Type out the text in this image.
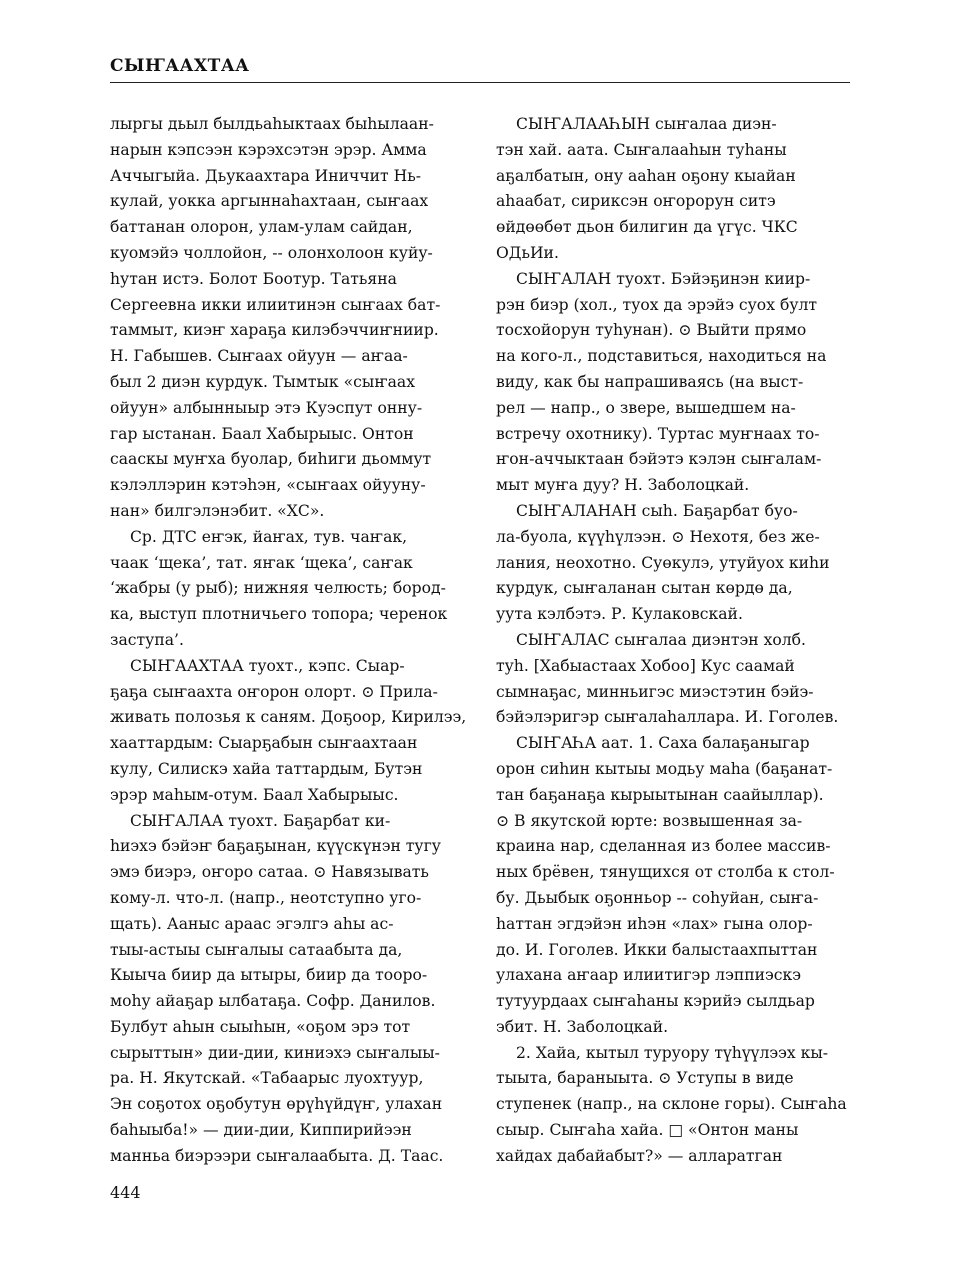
СЫҤААХТАА
лыргы дьыл былдьаһыктаах быһылаан-
нарын кэпсээн кэрэхсэтэн эрэр. Амма
Аччыгыйа. Дьукаахтара Иниччит Нь-
кулай, уокка аргыннаһахтаан, сыҥаах
баттанан олорон, улам-улам сайдан,
куомэйэ чоллойон, -- олонхолоон куйу-
һутан истэ. Болот Боотур. Татьяна
Сергеевна икки илиитинэн сыҥаах бат-
таммыт, киэҥ хараҕа килэбэччиҥниир.
Н. Габышев. Сыҥаах ойуун — аҥаа-
был 2 диэн курдук. Тымтык «сыҥаах
ойуун» албынныыр этэ Куэспут онну-
гар ыстанан. Баал Хабырыыс. Онтон
сааскы муҥха буолар, биһиги дьоммут
кэлэллэрин кэтэһэн, «сыҥаах ойууну-
нан» билгэлэнэбит. «ХС».
Ср. ДТС еҥэк, йаҥах, тув. чаҥак,
чаак ‘щека’, тат. яҥак ‘щека’, саҥак
‘жабры (у рыб); нижняя челюсть; бород-
ка, выступ плотничьего топора; черенок
заступа’.
СЫҤААХТАА туохт., кэпс. Сыар-
ҕаҕа сыҥаахта оҥорон олорт. ⊙ Прила-
живать полозья к саням. Доҕоор, Кирилээ,
хааттардым: Сыарҕабын сыҥаахтаан
кулу, Силискэ хайа таттардым, Бутэн
эрэр маһым-отум. Баал Хабырыыс.
СЫҤАЛАА туохт. Баҕарбат ки-
һиэхэ бэйэҥ баҕаҕынан, күүскүнэн тугу
эмэ биэрэ, оҥоро сатаа. ⊙ Навязывать
кому-л. что-л. (напр., неотступно уго-
щать). Ааныс араас эгэлгэ аһы ас-
тыы-астыы сыҥалыы сатаабыта да,
Кыыча биир да ытыры, биир да тооро-
моһу айаҕар ылбатаҕа. Софр. Данилов.
Булбут аһын сыыһын, «оҕом эрэ тот
сырыттын» дии-дии, киниэхэ сыҥалыы-
ра. Н. Якутскай. «Табаарыс луохтуур,
Эн соҕотох оҕобутун өрүһүйдүҥ, улахан
баһыыба!» — дии-дии, Киппирийээн
манньа биэрээри сыҥалаабыта. Д. Таас.
СЫҤАЛААҺЫН сыҥалаа диэн-
тэн хай. аата. Сыҥалааһын туһаны
аҕалбатын, ону ааһан оҕону кыайан
аһаабат, сириксэн оҥорорун ситэ
өйдөөбөт дьон билигин да үгүс. ЧКС
ОДьИи.
СЫҤАЛАН туохт. Бэйэҕинэн киир-
рэн биэр (хол., туох да эрэйэ суох булт
тосхойорун туһунан). ⊙ Выйти прямо
на кого-л., подставиться, находиться на
виду, как бы напрашиваясь (на выст-
рел — напр., о звере, вышедшем на-
встречу охотнику). Туртас муҥнаах то-
ҥон-аччыктаан бэйэтэ кэлэн сыҥалам-
мыт муҥа дуу? Н. Заболоцкай.
СЫҤАЛАНАН сыһ. Баҕарбат буо-
ла-буола, күүһүлээн. ⊙ Нехотя, без же-
лания, неохотно. Суөкулэ, утуйуох киһи
курдук, сыҥаланан сытан көрдө да,
уута кэлбэтэ. Р. Кулаковскай.
СЫҤАЛАС сыҥалаа диэнтэн холб.
туһ. [Хабыастаах Хобоо] Кус саамай
сымнаҕас, минньигэс миэстэтин бэйэ-
бэйэлэригэр сыҥалаһаллара. И. Гоголев.
СЫҤАҺА аат. 1. Саха балаҕаныгар
орон сиһин кытыы модьу маһа (баҕанат-
тан баҕанаҕа кырыытынан саайыллар).
⊙ В якутской юрте: возвышенная за-
краина нар, сделанная из более массив-
ных брёвен, тянущихся от столба к стол-
бу. Дьыбык оҕонньор -- соһуйан, сыҥа-
һаттан эгдэйэн иһэн «лах» гына олор-
до. И. Гоголев. Икки балыстаахпыттан
улахана аҥаар илиитигэр лэппиэскэ
тутуурдаах сыҥаһаны кэрийэ сылдьар
эбит. Н. Заболоцкай.
2. Хайа, кытыл туруору түһүүлээх кы-
тыыта, бараныыта. ⊙ Уступы в виде
ступенек (напр., на склоне горы). Сыҥаһа
сыыр. Сыҥаһа хайа. □ «Онтон маны
хайдах дабайабыт?» — алларатган
444
